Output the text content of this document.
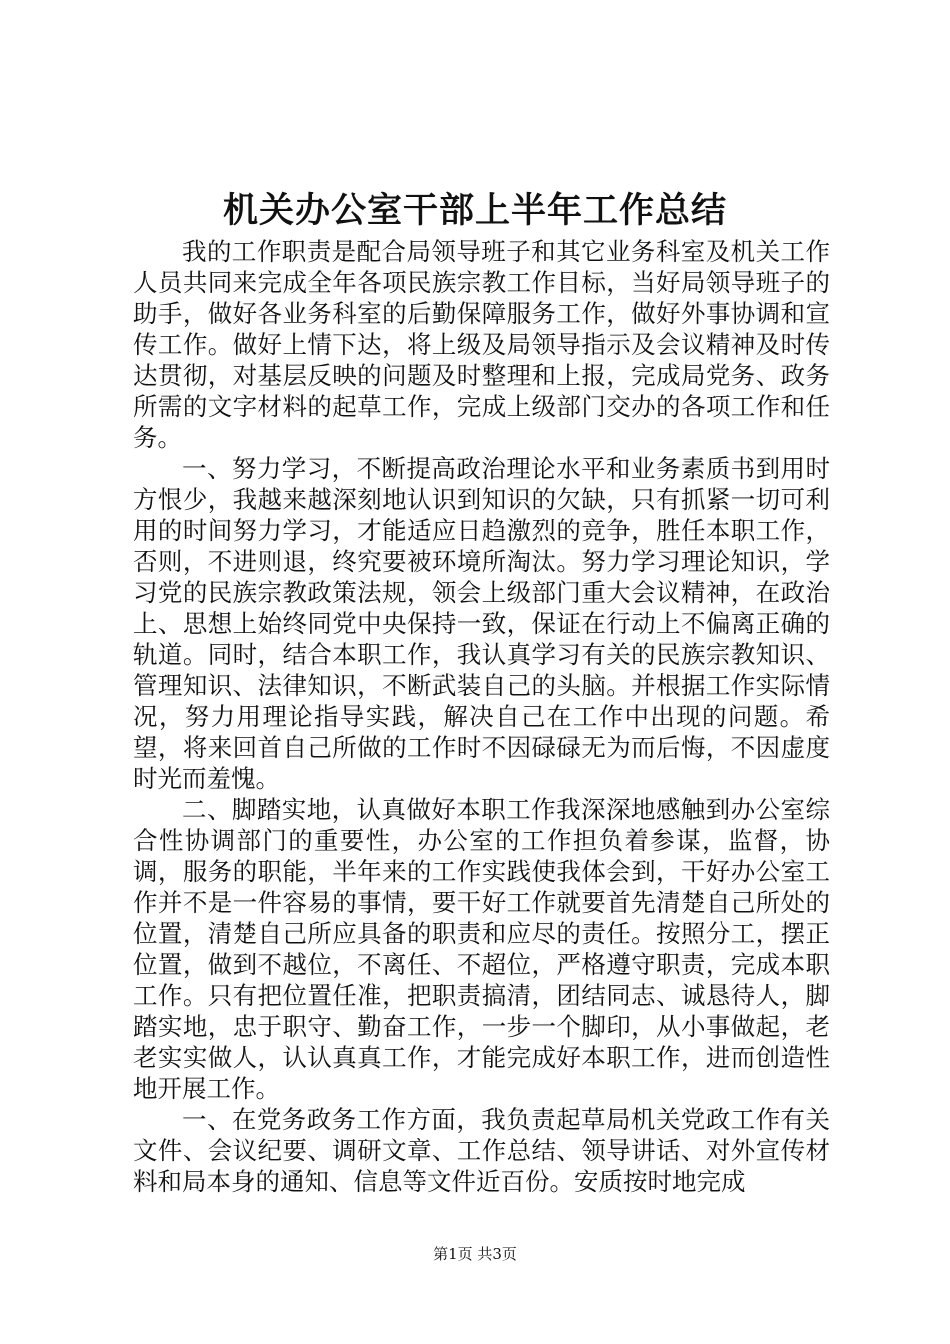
机关办公室干部上半年工作总结

我的工作职责是配合局领导班子和其它业务科室及机关工作人员共同来完成全年各项民族宗教工作目标，当好局领导班子的助手，做好各业务科室的后勤保障服务工作，做好外事协调和宣传工作。做好上情下达，将上级及局领导指示及会议精神及时传达贯彻，对基层反映的问题及时整理和上报，完成局党务、政务所需的文字材料的起草工作，完成上级部门交办的各项工作和任务。

一、努力学习，不断提高政治理论水平和业务素质书到用时方恨少，我越来越深刻地认识到知识的欠缺，只有抓紧一切可利用的时间努力学习，才能适应日趋激烈的竞争，胜任本职工作，否则，不进则退，终究要被环境所淘汰。努力学习理论知识，学习党的民族宗教政策法规，领会上级部门重大会议精神，在政治上、思想上始终同党中央保持一致，保证在行动上不偏离正确的轨道。同时，结合本职工作，我认真学习有关的民族宗教知识、管理知识、法律知识，不断武装自己的头脑。并根据工作实际情况，努力用理论指导实践，解决自己在工作中出现的问题。希望，将来回首自己所做的工作时不因碌碌无为而后悔，不因虚度时光而羞愧。

二、脚踏实地，认真做好本职工作我深深地感触到办公室综合性协调部门的重要性，办公室的工作担负着参谋，监督，协调，服务的职能，半年来的工作实践使我体会到，干好办公室工作并不是一件容易的事情，要干好工作就要首先清楚自己所处的位置，清楚自己所应具备的职责和应尽的责任。按照分工，摆正位置，做到不越位，不离任、不超位，严格遵守职责，完成本职工作。只有把位置任准，把职责搞清，团结同志、诚恳待人，脚踏实地，忠于职守、勤奋工作，一步一个脚印，从小事做起，老老实实做人，认认真真工作，才能完成好本职工作，进而创造性地开展工作。

一、在党务政务工作方面，我负责起草局机关党政工作有关文件、会议纪要、调研文章、工作总结、领导讲话、对外宣传材料和局本身的通知、信息等文件近百份。安质按时地完成

第1页 共3页
